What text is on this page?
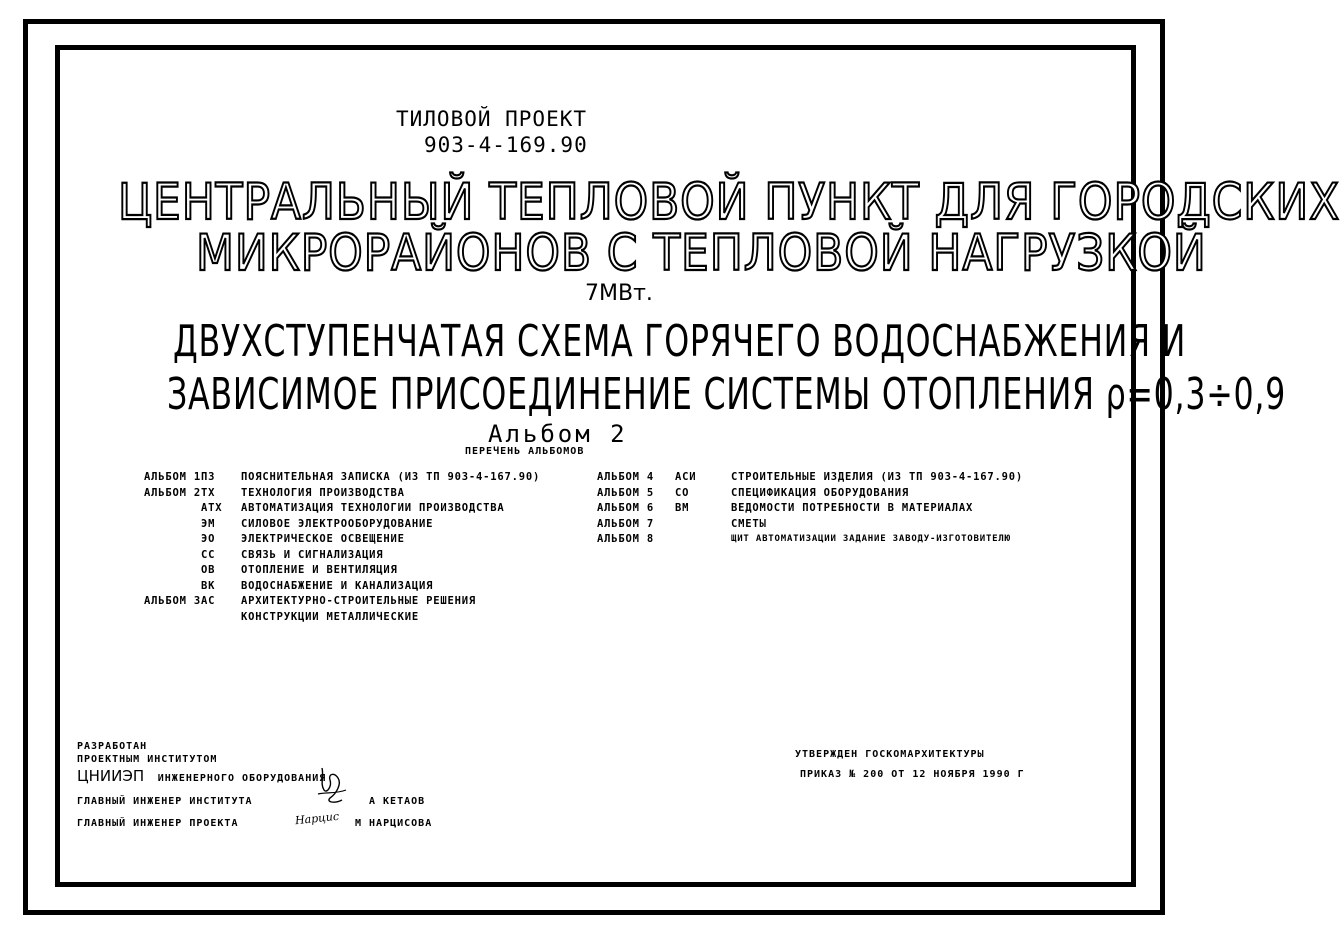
ТИЛОВОЙ ПРОЕКТ
903-4-169.90
ЦЕНТРАЛЬНЫЙ ТЕПЛОВОЙ ПУНКТ ДЛЯ ГОРОДСКИХ
МИКРОРАЙОНОВ С ТЕПЛОВОЙ НАГРУЗКОЙ
7МВт.
ДВУХСТУПЕНЧАТАЯ СХЕМА ГОРЯЧЕГО ВОДОСНАБЖЕНИЯ И
ЗАВИСИМОЕ ПРИСОЕДИНЕНИЕ СИСТЕМЫ ОТОПЛЕНИЯ ρ=0,3÷0,9
Альбом 2
ПЕРЕЧЕНЬ АЛЬБОМОВ
АЛЬБОМ 1 ПЗ	ПОЯСНИТЕЛЬНАЯ ЗАПИСКА (ИЗ ТП 903-4-167.90)
АЛЬБОМ 2 ТХ	ТЕХНОЛОГИЯ ПРОИЗВОДСТВА
АТХ	АВТОМАТИЗАЦИЯ ТЕХНОЛОГИИ ПРОИЗВОДСТВА
ЭМ	СИЛОВОЕ ЭЛЕКТРООБОРУДОВАНИЕ
ЭО	ЭЛЕКТРИЧЕСКОЕ ОСВЕЩЕНИЕ
СС	СВЯЗЬ И СИГНАЛИЗАЦИЯ
ОВ	ОТОПЛЕНИЕ И ВЕНТИЛЯЦИЯ
ВК	ВОДОСНАБЖЕНИЕ И КАНАЛИЗАЦИЯ
АЛЬБОМ 3 АС	АРХИТЕКТУРНО-СТРОИТЕЛЬНЫЕ РЕШЕНИЯ
КОНСТРУКЦИИ МЕТАЛЛИЧЕСКИЕ
АЛЬБОМ 4	АСИ	СТРОИТЕЛЬНЫЕ ИЗДЕЛИЯ (ИЗ ТП 903-4-167.90)
АЛЬБОМ 5	СО	СПЕЦИФИКАЦИЯ ОБОРУДОВАНИЯ
АЛЬБОМ 6	ВМ	ВЕДОМОСТИ ПОТРЕБНОСТИ В МАТЕРИАЛАХ
АЛЬБОМ 7	СМЕТЫ
АЛЬБОМ 8	ЩИТ АВТОМАТИЗАЦИИ ЗАДАНИЕ ЗАВОДУ-ИЗГОТОВИТЕЛЮ
РАЗРАБОТАН
ПРОЕКТНЫМ ИНСТИТУТОМ
ЦНИИЭП ИНЖЕНЕРНОГО ОБОРУДОВАНИЯ
ГЛАВНЫЙ ИНЖЕНЕР ИНСТИТУТА	А КЕТАОВ
ГЛАВНЫЙ ИНЖЕНЕР ПРОЕКТА	М НАРЦИСОВА
Нарцис
УТВЕРЖДЕН ГОСКОМАРХИТЕКТУРЫ
ПРИКАЗ № 200 ОТ 12 НОЯБРЯ 1990 Г
